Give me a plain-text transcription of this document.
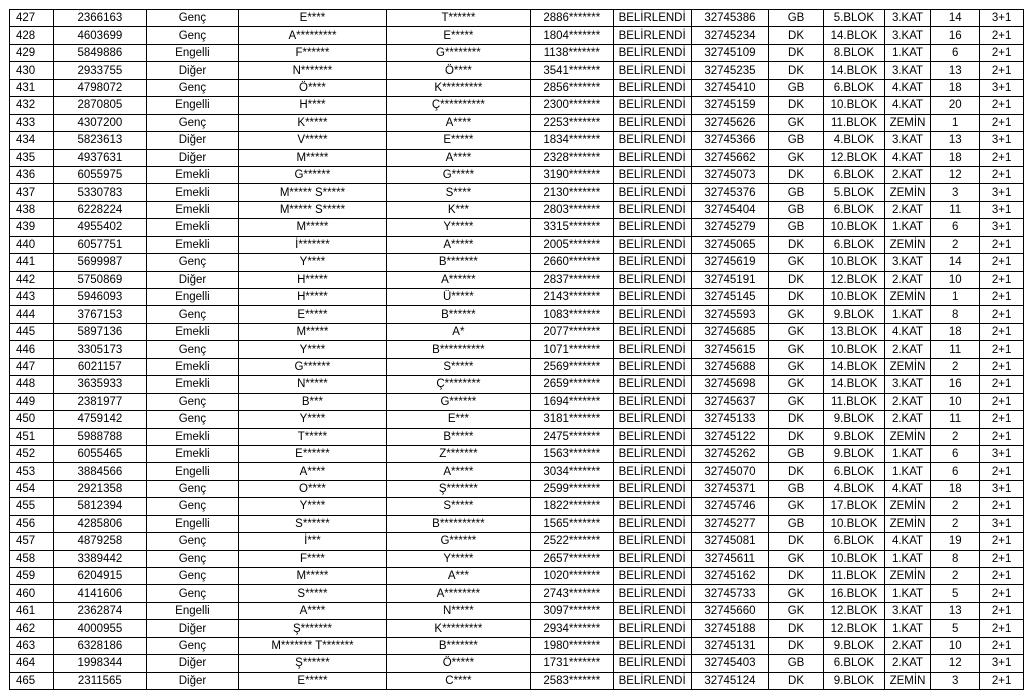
427	2366163	Genç	E****	T******	2886*******	BELİRLENDİ	32745386	GB	5.BLOK	3.KAT	14	3+1
428	4603699	Genç	A*********	E*****	1804*******	BELİRLENDİ	32745234	DK	14.BLOK	3.KAT	16	2+1
429	5849886	Engelli	F******	G********	1138*******	BELİRLENDİ	32745109	DK	8.BLOK	1.KAT	6	2+1
430	2933755	Diğer	N*******	Ö****	3541*******	BELİRLENDİ	32745235	DK	14.BLOK	3.KAT	13	2+1
431	4798072	Genç	Ö****	K*********	2856*******	BELİRLENDİ	32745410	GB	6.BLOK	4.KAT	18	3+1
432	2870805	Engelli	H****	Ç**********	2300*******	BELİRLENDİ	32745159	DK	10.BLOK	4.KAT	20	2+1
433	4307200	Genç	K*****	A****	2253*******	BELİRLENDİ	32745626	GK	11.BLOK	ZEMİN	1	2+1
434	5823613	Diğer	V*****	E*****	1834*******	BELİRLENDİ	32745366	GB	4.BLOK	3.KAT	13	3+1
435	4937631	Diğer	M*****	A****	2328*******	BELİRLENDİ	32745662	GK	12.BLOK	4.KAT	18	2+1
436	6055975	Emekli	G******	G*****	3190*******	BELİRLENDİ	32745073	DK	6.BLOK	2.KAT	12	2+1
437	5330783	Emekli	M***** S*****	S****	2130*******	BELİRLENDİ	32745376	GB	5.BLOK	ZEMİN	3	3+1
438	6228224	Emekli	M***** S*****	K***	2803*******	BELİRLENDİ	32745404	GB	6.BLOK	2.KAT	11	3+1
439	4955402	Emekli	M*****	Y*****	3315*******	BELİRLENDİ	32745279	GB	10.BLOK	1.KAT	6	3+1
440	6057751	Emekli	İ*******	A*****	2005*******	BELİRLENDİ	32745065	DK	6.BLOK	ZEMİN	2	2+1
441	5699987	Genç	Y****	B*******	2660*******	BELİRLENDİ	32745619	GK	10.BLOK	3.KAT	14	2+1
442	5750869	Diğer	H*****	A******	2837*******	BELİRLENDİ	32745191	DK	12.BLOK	2.KAT	10	2+1
443	5946093	Engelli	H*****	Ü*****	2143*******	BELİRLENDİ	32745145	DK	10.BLOK	ZEMİN	1	2+1
444	3767153	Genç	E*****	B******	1083*******	BELİRLENDİ	32745593	GK	9.BLOK	1.KAT	8	2+1
445	5897136	Emekli	M*****	A*	2077*******	BELİRLENDİ	32745685	GK	13.BLOK	4.KAT	18	2+1
446	3305173	Genç	Y****	B**********	1071*******	BELİRLENDİ	32745615	GK	10.BLOK	2.KAT	11	2+1
447	6021157	Emekli	G******	S*****	2569*******	BELİRLENDİ	32745688	GK	14.BLOK	ZEMİN	2	2+1
448	3635933	Emekli	N*****	Ç********	2659*******	BELİRLENDİ	32745698	GK	14.BLOK	3.KAT	16	2+1
449	2381977	Genç	B***	G******	1694*******	BELİRLENDİ	32745637	GK	11.BLOK	2.KAT	10	2+1
450	4759142	Genç	Y****	E***	3181*******	BELİRLENDİ	32745133	DK	9.BLOK	2.KAT	11	2+1
451	5988788	Emekli	T*****	B*****	2475*******	BELİRLENDİ	32745122	DK	9.BLOK	ZEMİN	2	2+1
452	6055465	Emekli	E******	Z*******	1563*******	BELİRLENDİ	32745262	GB	9.BLOK	1.KAT	6	3+1
453	3884566	Engelli	A****	A*****	3034*******	BELİRLENDİ	32745070	DK	6.BLOK	1.KAT	6	2+1
454	2921358	Genç	O****	Ş*******	2599*******	BELİRLENDİ	32745371	GB	4.BLOK	4.KAT	18	3+1
455	5812394	Genç	Y****	S*****	1822*******	BELİRLENDİ	32745746	GK	17.BLOK	ZEMİN	2	2+1
456	4285806	Engelli	S******	B**********	1565*******	BELİRLENDİ	32745277	GB	10.BLOK	ZEMİN	2	3+1
457	4879258	Genç	İ***	G******	2522*******	BELİRLENDİ	32745081	DK	6.BLOK	4.KAT	19	2+1
458	3389442	Genç	F****	Y*****	2657*******	BELİRLENDİ	32745611	GK	10.BLOK	1.KAT	8	2+1
459	6204915	Genç	M*****	A***	1020*******	BELİRLENDİ	32745162	DK	11.BLOK	ZEMİN	2	2+1
460	4141606	Genç	S*****	A********	2743*******	BELİRLENDİ	32745733	GK	16.BLOK	1.KAT	5	2+1
461	2362874	Engelli	A****	N*****	3097*******	BELİRLENDİ	32745660	GK	12.BLOK	3.KAT	13	2+1
462	4000955	Diğer	Ş*******	K*********	2934*******	BELİRLENDİ	32745188	DK	12.BLOK	1.KAT	5	2+1
463	6328186	Genç	M******* T*******	B*******	1980*******	BELİRLENDİ	32745131	DK	9.BLOK	2.KAT	10	2+1
464	1998344	Diğer	Ş******	Ö*****	1731*******	BELİRLENDİ	32745403	GB	6.BLOK	2.KAT	12	3+1
465	2311565	Diğer	E*****	C****	2583*******	BELİRLENDİ	32745124	DK	9.BLOK	ZEMİN	3	2+1
